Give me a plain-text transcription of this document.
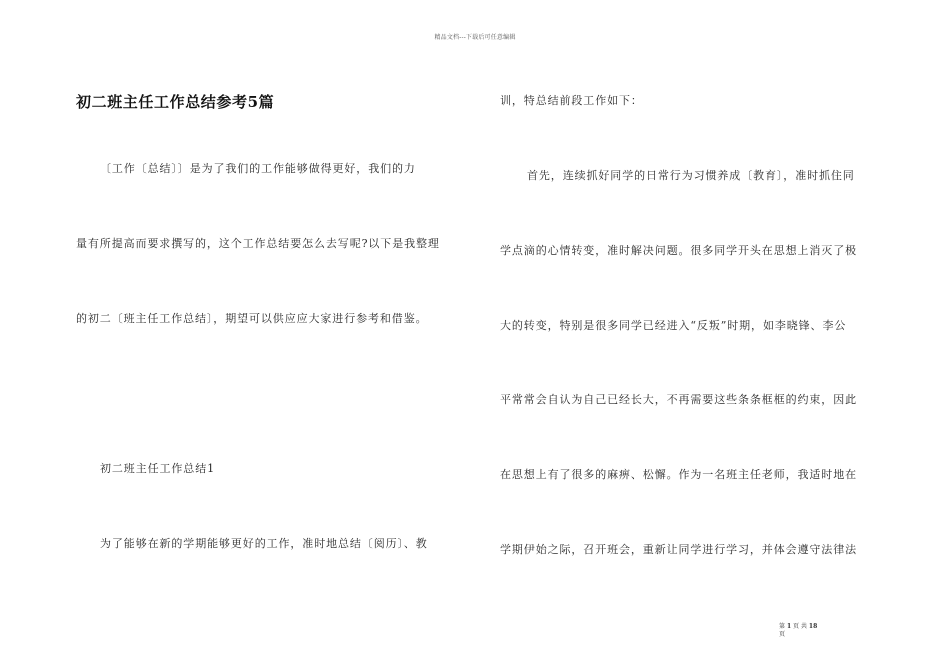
精品文档---下载后可任意编辑
初二班主任工作总结参考5篇
〔工作〔总结〕〕是为了我们的工作能够做得更好，我们的力
量有所提高而要求撰写的，这个工作总结要怎么去写呢?以下是我整理
的初二〔班主任工作总结〕，期望可以供应应大家进行参考和借鉴。
初二班主任工作总结1
为了能够在新的学期能够更好的工作，准时地总结〔阅历〕、教
训，特总结前段工作如下：
首先，连续抓好同学的日常行为习惯养成〔教育〕，准时抓住同
学点滴的心情转变，准时解决问题。很多同学开头在思想上消灭了极
大的转变，特别是很多同学已经进入“反叛”时期，如李晓锋、李公
平常常会自认为自己已经长大，不再需要这些条条框框的约束，因此
在思想上有了很多的麻痹、松懈。作为一名班主任老师，我适时地在
学期伊始之际，召开班会，重新让同学进行学习，并体会遵守法律法
第 1 页 共 18
页
